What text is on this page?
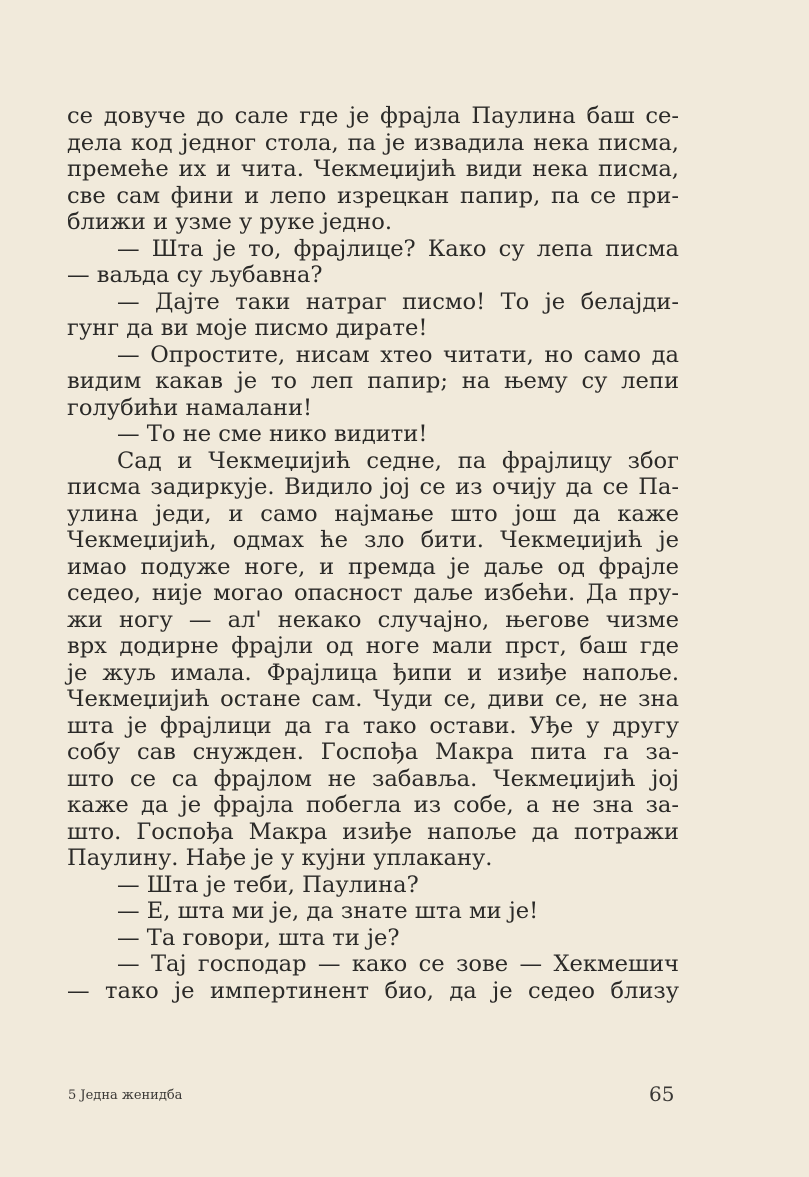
се довуче до сале где је фрајла Паулина баш се-
дела код једног стола, па је извадила нека писма,
премеће их и чита. Чекмеџијић види нека писма,
све сам фини и лепо изрецкан папир, па се при-
ближи и узме у руке једно.
— Шта је то, фрајлице? Како су лепа писма
— ваљда су љубавна?
— Дајте таки натраг писмо! То је белајди-
гунг да ви моје писмо дирате!
— Опростите, нисам хтео читати, но само да
видим какав је то леп папир; на њему су лепи
голубићи намалани!
— То не сме нико видити!
Сад и Чекмеџијић седне, па фрајлицу због
писма задиркује. Видило јој се из очију да се Па-
улина једи, и само најмање што још да каже
Чекмеџијић, одмах ће зло бити. Чекмеџијић је
имао подуже ноге, и премда је даље од фрајле
седео, није могао опасност даље избећи. Да пру-
жи ногу — ал' некако случајно, његове чизме
врх додирне фрајли од ноге мали прст, баш где
је жуљ имала. Фрајлица ђипи и изиђе напоље.
Чекмеџијић остане сам. Чуди се, диви се, не зна
шта је фрајлици да га тако остави. Уђе у другу
собу сав снужден. Госпођа Макра пита га за-
што се са фрајлом не забавља. Чекмеџијић јој
каже да је фрајла побегла из собе, а не зна за-
што. Госпођа Макра изиђе напоље да потражи
Паулину. Нађе је у кујни уплакану.
— Шта је теби, Паулина?
— Е, шта ми је, да знате шта ми је!
— Та говори, шта ти је?
— Тај господар — како се зове — Хекмешич
— тако је импертинент био, да је седео близу
5 Једна женидба	65
